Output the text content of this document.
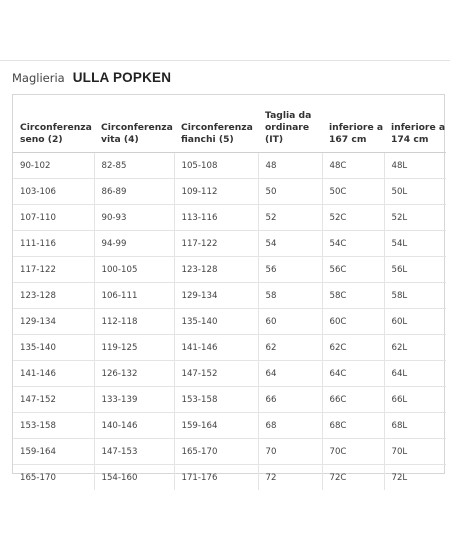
Maglieria ULLA POPKEN
Circonferenza seno (2)	Circonferenza vita (4)	Circonferenza fianchi (5)	Taglia da ordinare (IT)	inferiore a 167 cm	inferiore a 174 cm
90-102	82-85	105-108	48	48C	48L
103-106	86-89	109-112	50	50C	50L
107-110	90-93	113-116	52	52C	52L
111-116	94-99	117-122	54	54C	54L
117-122	100-105	123-128	56	56C	56L
123-128	106-111	129-134	58	58C	58L
129-134	112-118	135-140	60	60C	60L
135-140	119-125	141-146	62	62C	62L
141-146	126-132	147-152	64	64C	64L
147-152	133-139	153-158	66	66C	66L
153-158	140-146	159-164	68	68C	68L
159-164	147-153	165-170	70	70C	70L
165-170	154-160	171-176	72	72C	72L
